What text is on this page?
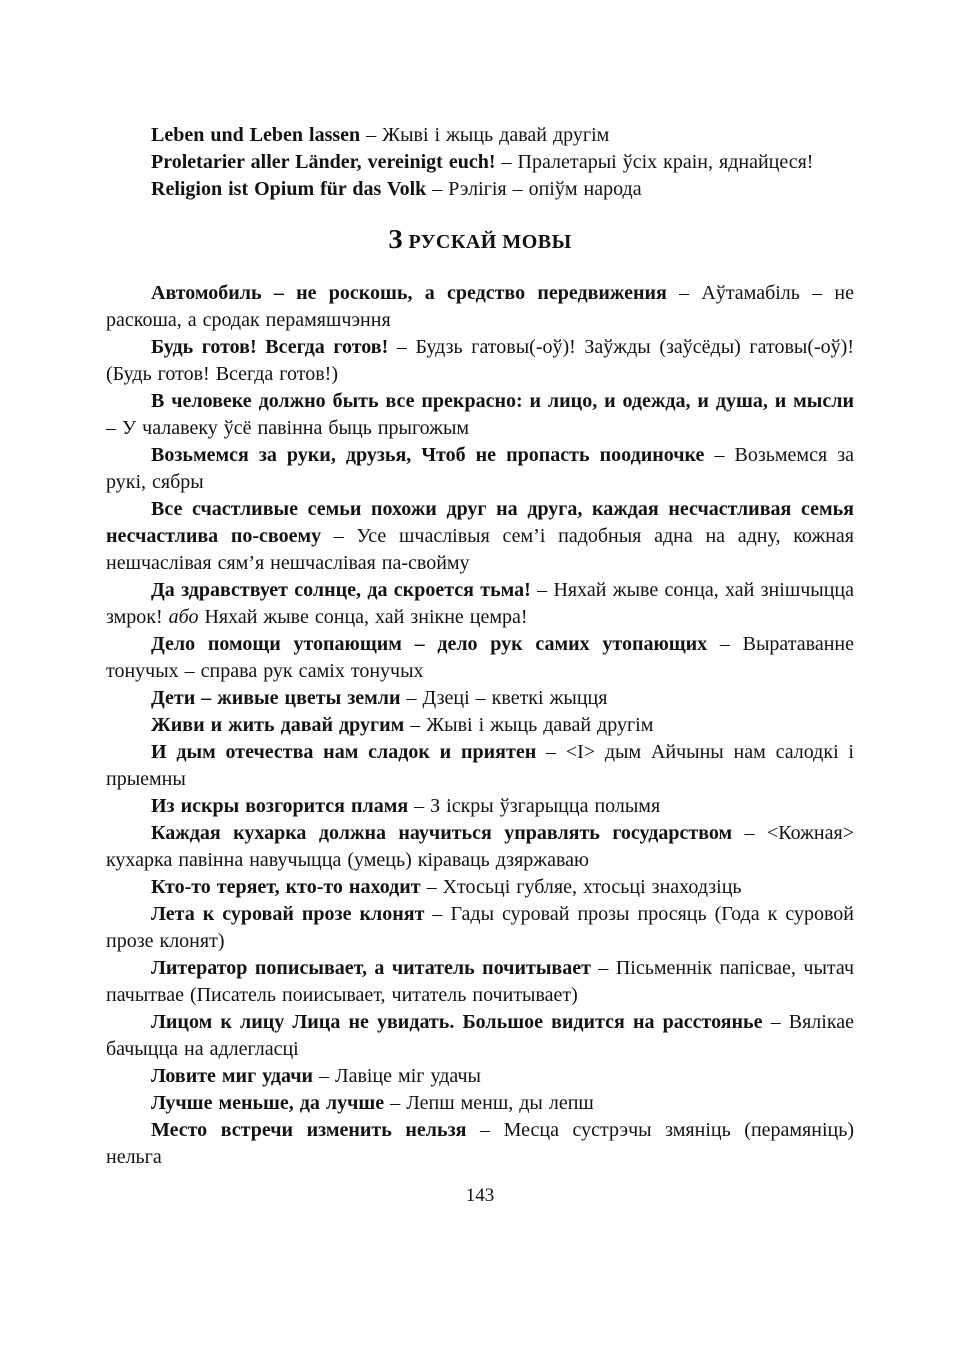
Leben und Leben lassen – Жыві і жыць давай другім

Proletarier aller Länder, vereinigt euch! – Пралетарыі ўсіх краін, яднайцеся!

Religion ist Opium für das Volk – Рэлігія – опіўм народа

З РУСКАЙ МОВЫ

Автомобиль – не роскошь, а средство передвижения – Аўтамабіль – не раскоша, а сродак перамяшчэння

Будь готов! Всегда готов! – Будзь гатовы(-оў)! Заўжды (заўсёды) гатовы(-оў)! (Будь готов! Всегда готов!)

В человеке должно быть все прекрасно: и лицо, и одежда, и душа, и мысли – У чалавеку ўсё павінна быць прыгожым

Возьмемся за руки, друзья, Чтоб не пропасть поодиночке – Возьмемся за рукі, сябры

Все счастливые семьи похожи друг на друга, каждая несчастливая семья несчастлива по-своему – Усе шчаслівыя сем’і падобныя адна на адну, кожная нешчаслівая сям’я нешчаслівая па-свойму

Да здравствует солнце, да скроется тьма! – Няхай жыве сонца, хай знішчыцца змрок! або Няхай жыве сонца, хай знікне цемра!

Дело помощи утопающим – дело рук самих утопающих – Выратаванне тонучых – справа рук саміх тонучых

Дети – живые цветы земли – Дзеці – кветкі жыцця

Живи и жить давай другим – Жыві і жыць давай другім

И дым отечества нам сладок и приятен – <І> дым Айчыны нам салодкі і прыемны

Из искры возгорится пламя – З іскры ўзгарыцца полымя

Каждая кухарка должна научиться управлять государством – <Кожная> кухарка павінна навучыцца (умець) кіраваць дзяржаваю

Кто-то теряет, кто-то находит – Хтосьці губляе, хтосьці знаходзіць

Лета к суровай прозе клонят – Гады суровай прозы просяць (Года к суровой прозе клонят)

Литератор пописывает, а читатель почитывает – Пісьменнік папісвае, чытач пачытвае (Писатель поиисывает, читатель почитывает)

Лицом к лицу Лица не увидать. Большое видится на расстоянье – Вялікае бачыцца на адлегласці

Ловите миг удачи – Лавіце міг удачы

Лучше меньше, да лучше – Лепш менш, ды лепш

Место встречи изменить нельзя – Месца сустрэчы змяніць (перамяніць) нельга

143
